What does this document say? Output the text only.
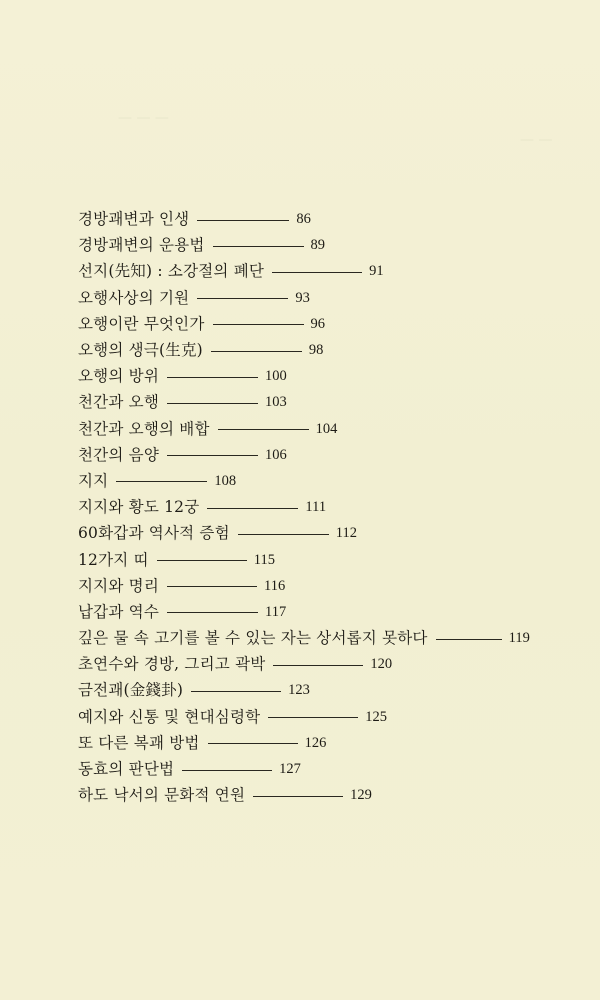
— — —
— —
경방괘변과 인생	86
경방괘변의 운용법	89
선지(先知) : 소강절의 폐단	91
오행사상의 기원	93
오행이란 무엇인가	96
오행의 생극(生克)	98
오행의 방위	100
천간과 오행	103
천간과 오행의 배합	104
천간의 음양	106
지지	108
지지와 황도 12궁	111
60화갑과 역사적 증험	112
12가지 띠	115
지지와 명리	116
납갑과 역수	117
깊은 물 속 고기를 볼 수 있는 자는 상서롭지 못하다	119
초연수와 경방, 그리고 곽박	120
금전괘(金錢卦)	123
예지와 신통 및 현대심령학	125
또 다른 복괘 방법	126
동효의 판단법	127
하도 낙서의 문화적 연원	129
